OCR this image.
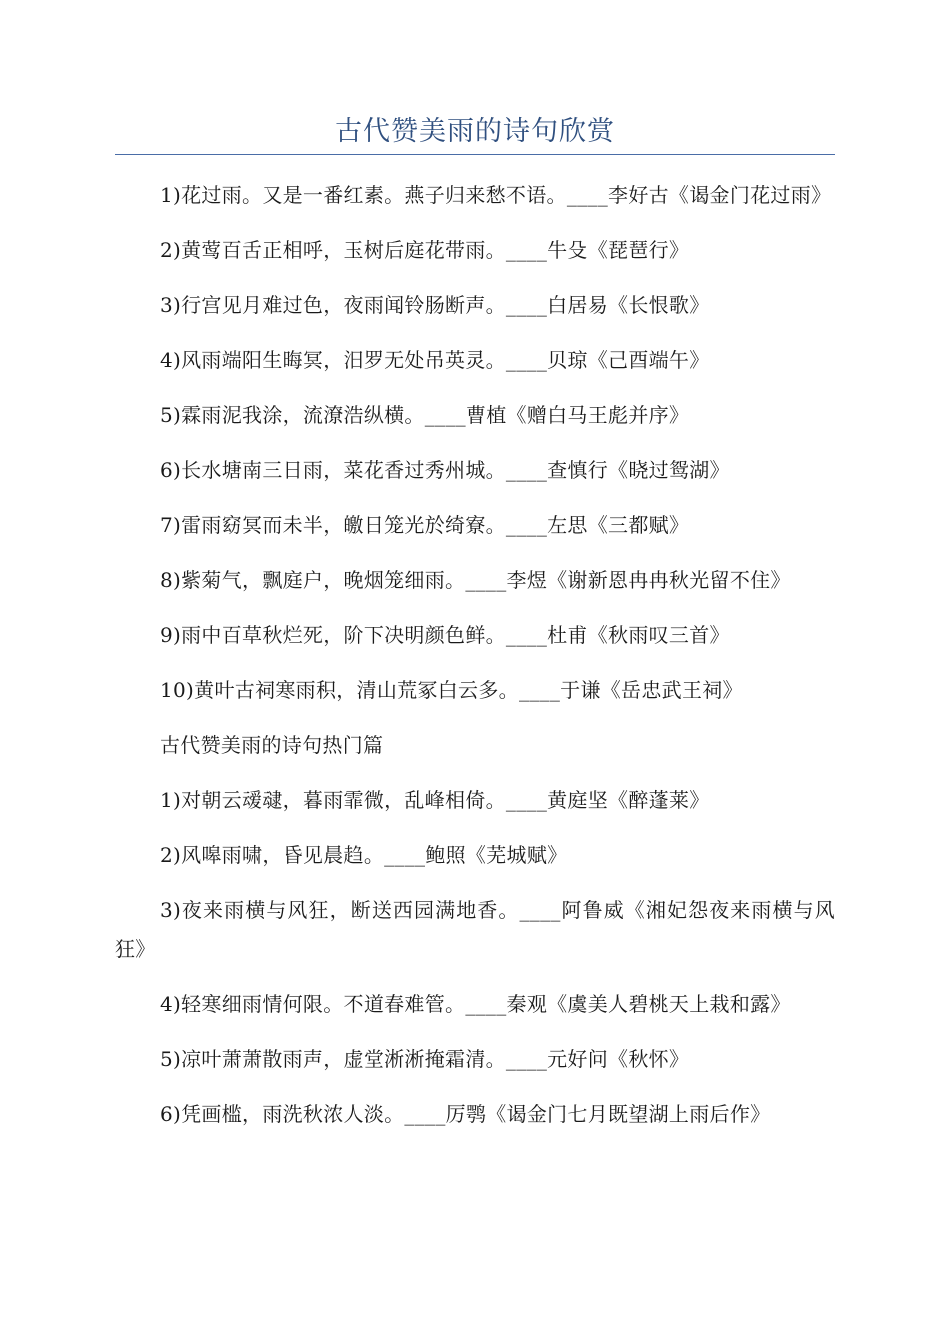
古代赞美雨的诗句欣赏

1)花过雨。又是一番红素。燕子归来愁不语。____李好古《谒金门花过雨》

2)黄莺百舌正相呼，玉树后庭花带雨。____牛殳《琵琶行》

3)行宫见月难过色，夜雨闻铃肠断声。____白居易《长恨歌》

4)风雨端阳生晦冥，汨罗无处吊英灵。____贝琼《己酉端午》

5)霖雨泥我涂，流潦浩纵横。____曹植《赠白马王彪并序》

6)长水塘南三日雨，菜花香过秀州城。____查慎行《晓过鸳湖》

7)雷雨窈冥而未半，皦日笼光於绮寮。____左思《三都赋》

8)紫菊气，飘庭户，晚烟笼细雨。____李煜《谢新恩冉冉秋光留不住》

9)雨中百草秋烂死，阶下决明颜色鲜。____杜甫《秋雨叹三首》

10)黄叶古祠寒雨积，清山荒冢白云多。____于谦《岳忠武王祠》

古代赞美雨的诗句热门篇

1)对朝云叆叇，暮雨霏微，乱峰相倚。____黄庭坚《醉蓬莱》

2)风嗥雨啸，昏见晨趋。____鲍照《芜城赋》

3)夜来雨横与风狂，断送西园满地香。____阿鲁威《湘妃怨夜来雨横与风狂》

4)轻寒细雨情何限。不道春难管。____秦观《虞美人碧桃天上栽和露》

5)凉叶萧萧散雨声，虚堂淅淅掩霜清。____元好问《秋怀》

6)凭画槛，雨洗秋浓人淡。____厉鹗《谒金门七月既望湖上雨后作》
